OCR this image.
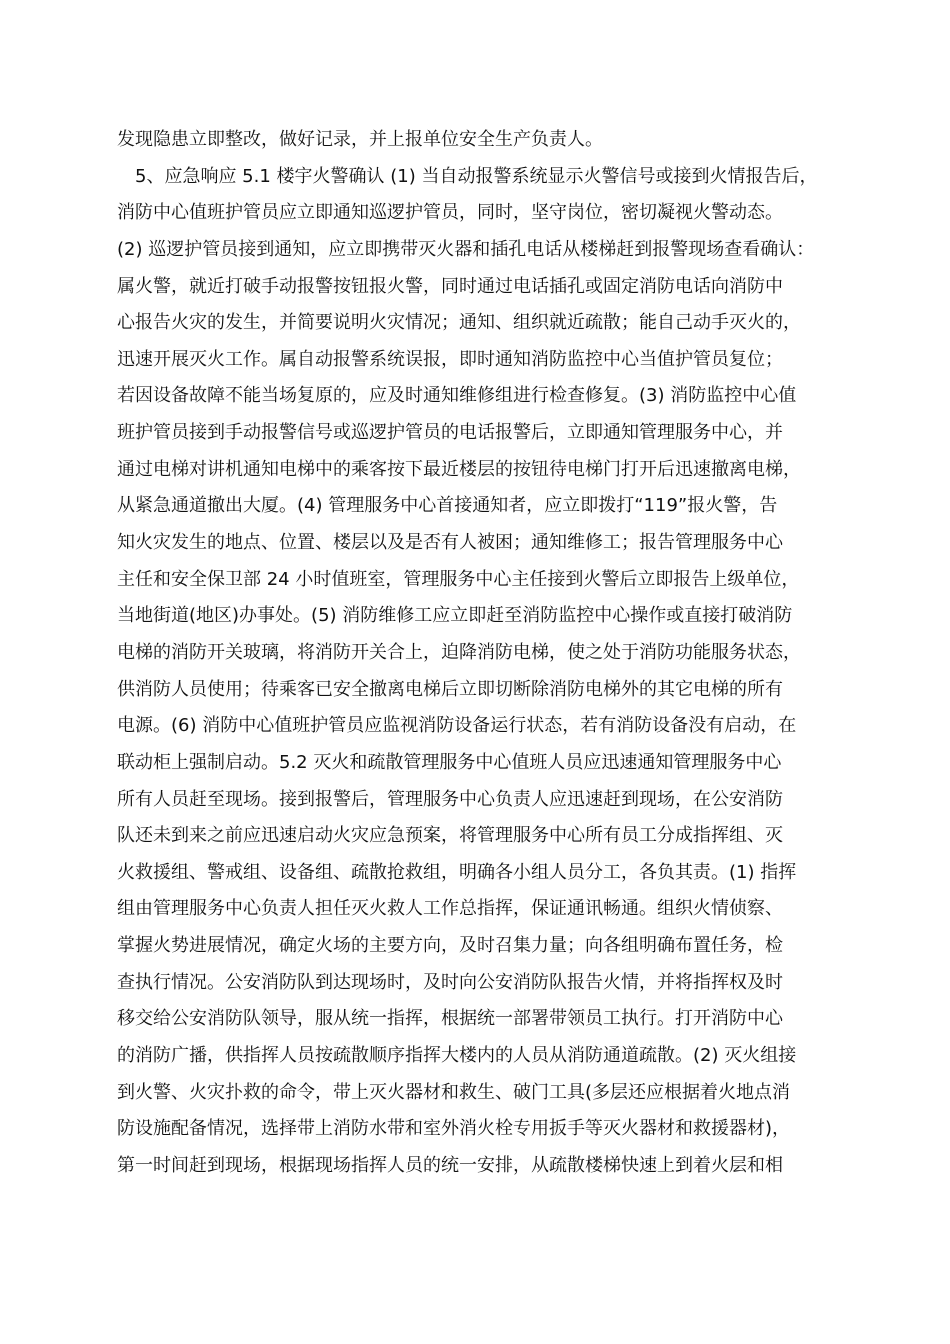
发现隐患立即整改，做好记录，并上报单位安全生产负责人。
5、应急响应 5.1 楼宇火警确认 (1) 当自动报警系统显示火警信号或接到火情报告后，
消防中心值班护管员应立即通知巡逻护管员，同时，坚守岗位，密切凝视火警动态。
(2) 巡逻护管员接到通知，应立即携带灭火器和插孔电话从楼梯赶到报警现场查看确认：
属火警，就近打破手动报警按钮报火警，同时通过电话插孔或固定消防电话向消防中
心报告火灾的发生，并简要说明火灾情况；通知、组织就近疏散；能自己动手灭火的，
迅速开展灭火工作。属自动报警系统误报，即时通知消防监控中心当值护管员复位；
若因设备故障不能当场复原的，应及时通知维修组进行检查修复。(3) 消防监控中心值
班护管员接到手动报警信号或巡逻护管员的电话报警后，立即通知管理服务中心，并
通过电梯对讲机通知电梯中的乘客按下最近楼层的按钮待电梯门打开后迅速撤离电梯，
从紧急通道撤出大厦。(4) 管理服务中心首接通知者，应立即拨打“119”报火警，告
知火灾发生的地点、位置、楼层以及是否有人被困；通知维修工；报告管理服务中心
主任和安全保卫部 24 小时值班室，管理服务中心主任接到火警后立即报告上级单位，
当地街道(地区)办事处。(5) 消防维修工应立即赶至消防监控中心操作或直接打破消防
电梯的消防开关玻璃，将消防开关合上，迫降消防电梯，使之处于消防功能服务状态，
供消防人员使用；待乘客已安全撤离电梯后立即切断除消防电梯外的其它电梯的所有
电源。(6) 消防中心值班护管员应监视消防设备运行状态，若有消防设备没有启动，在
联动柜上强制启动。5.2 灭火和疏散管理服务中心值班人员应迅速通知管理服务中心
所有人员赶至现场。接到报警后，管理服务中心负责人应迅速赶到现场，在公安消防
队还未到来之前应迅速启动火灾应急预案，将管理服务中心所有员工分成指挥组、灭
火救援组、警戒组、设备组、疏散抢救组，明确各小组人员分工，各负其责。(1) 指挥
组由管理服务中心负责人担任灭火救人工作总指挥，保证通讯畅通。组织火情侦察、
掌握火势进展情况，确定火场的主要方向，及时召集力量；向各组明确布置任务，检
查执行情况。公安消防队到达现场时，及时向公安消防队报告火情，并将指挥权及时
移交给公安消防队领导，服从统一指挥，根据统一部署带领员工执行。打开消防中心
的消防广播，供指挥人员按疏散顺序指挥大楼内的人员从消防通道疏散。(2) 灭火组接
到火警、火灾扑救的命令，带上灭火器材和救生、破门工具(多层还应根据着火地点消
防设施配备情况，选择带上消防水带和室外消火栓专用扳手等灭火器材和救援器材)，
第一时间赶到现场，根据现场指挥人员的统一安排，从疏散楼梯快速上到着火层和相
